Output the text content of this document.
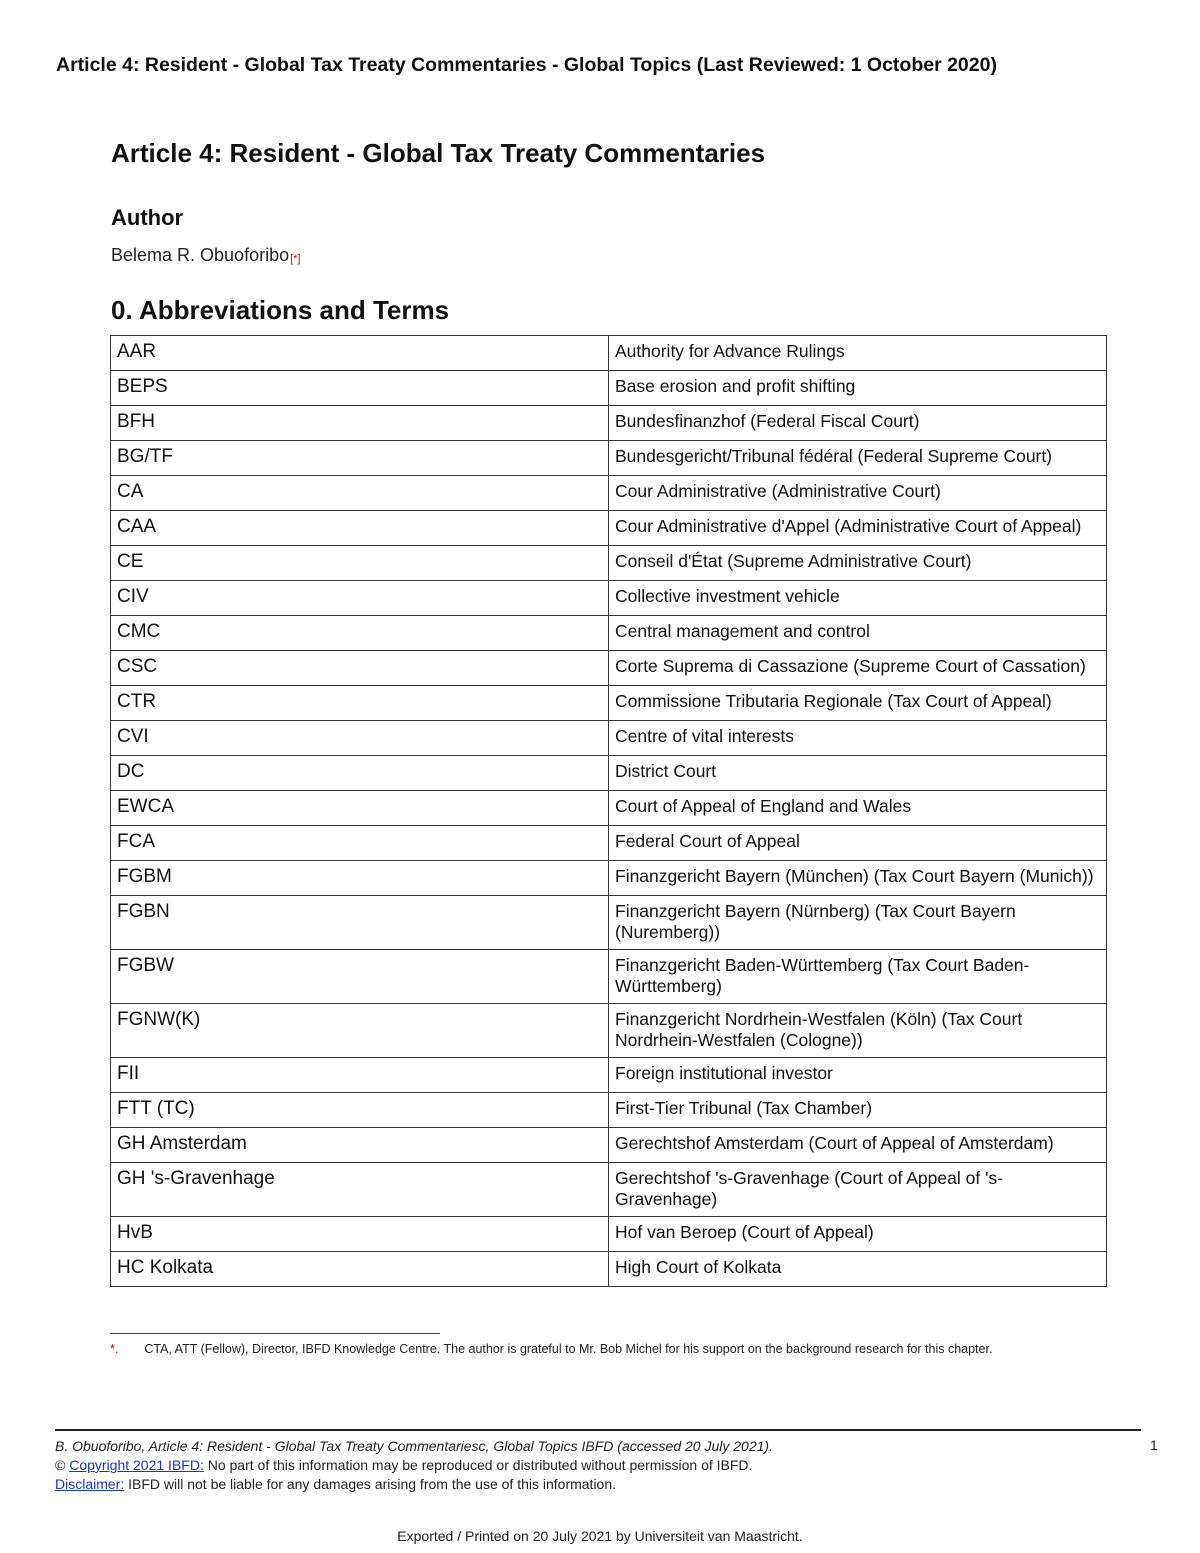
Article 4: Resident - Global Tax Treaty Commentaries - Global Topics (Last Reviewed: 1 October 2020)
Article 4: Resident - Global Tax Treaty Commentaries
Author
Belema R. Obuoforibo[*]
0. Abbreviations and Terms
AAR	Authority for Advance Rulings
BEPS	Base erosion and profit shifting
BFH	Bundesfinanzhof (Federal Fiscal Court)
BG/TF	Bundesgericht/Tribunal fédéral (Federal Supreme Court)
CA	Cour Administrative (Administrative Court)
CAA	Cour Administrative d'Appel (Administrative Court of Appeal)
CE	Conseil d'État (Supreme Administrative Court)
CIV	Collective investment vehicle
CMC	Central management and control
CSC	Corte Suprema di Cassazione (Supreme Court of Cassation)
CTR	Commissione Tributaria Regionale (Tax Court of Appeal)
CVI	Centre of vital interests
DC	District Court
EWCA	Court of Appeal of England and Wales
FCA	Federal Court of Appeal
FGBM	Finanzgericht Bayern (München) (Tax Court Bayern (Munich))
FGBN	Finanzgericht Bayern (Nürnberg) (Tax Court Bayern (Nuremberg))
FGBW	Finanzgericht Baden-Württemberg (Tax Court Baden-Württemberg)
FGNW(K)	Finanzgericht Nordrhein-Westfalen (Köln) (Tax Court Nordrhein-Westfalen (Cologne))
FII	Foreign institutional investor
FTT (TC)	First-Tier Tribunal (Tax Chamber)
GH Amsterdam	Gerechtshof Amsterdam (Court of Appeal of Amsterdam)
GH 's-Gravenhage	Gerechtshof 's-Gravenhage (Court of Appeal of 's-Gravenhage)
HvB	Hof van Beroep (Court of Appeal)
HC Kolkata	High Court of Kolkata
*. CTA, ATT (Fellow), Director, IBFD Knowledge Centre. The author is grateful to Mr. Bob Michel for his support on the background research for this chapter.
B. Obuoforibo, Article 4: Resident - Global Tax Treaty Commentariesc, Global Topics IBFD (accessed 20 July 2021).
© Copyright 2021 IBFD: No part of this information may be reproduced or distributed without permission of IBFD.
Disclaimer: IBFD will not be liable for any damages arising from the use of this information.
1
Exported / Printed on 20 July 2021 by Universiteit van Maastricht.
